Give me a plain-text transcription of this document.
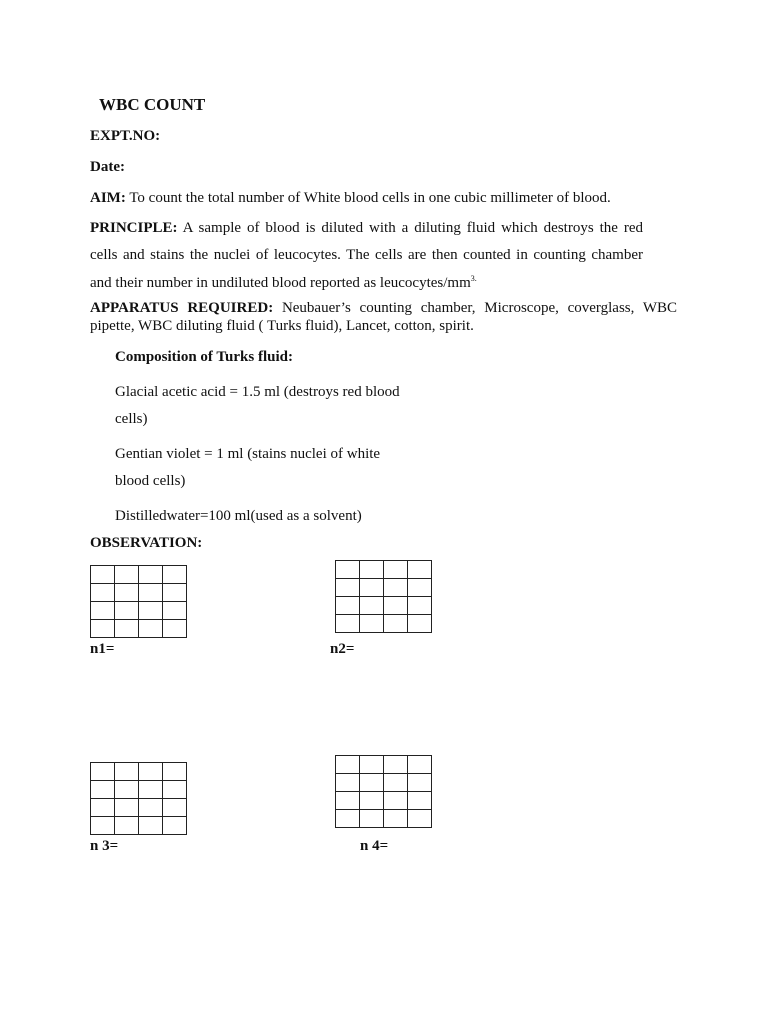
WBC COUNT
EXPT.NO:
Date:
AIM: To count the total number of White blood cells in one cubic millimeter of blood.
PRINCIPLE: A sample of blood is diluted with a diluting fluid which destroys the red
cells and stains the nuclei of leucocytes. The cells are then counted in counting chamber
and their number in undiluted blood reported as leucocytes/$mm^{3.}$
APPARATUS REQUIRED: Neubauer’s counting chamber, Microscope, coverglass, WBC
pipette, WBC diluting fluid ( Turks fluid), Lancet, cotton, spirit.
Composition of Turks fluid:
Glacial acetic acid = 1.5 ml (destroys red blood
cells)
Gentian violet = 1 ml (stains nuclei of white
blood cells)
Distilledwater=100 ml(used as a solvent)
OBSERVATION:

n1=

				n2=

n 3=

				n 4=
